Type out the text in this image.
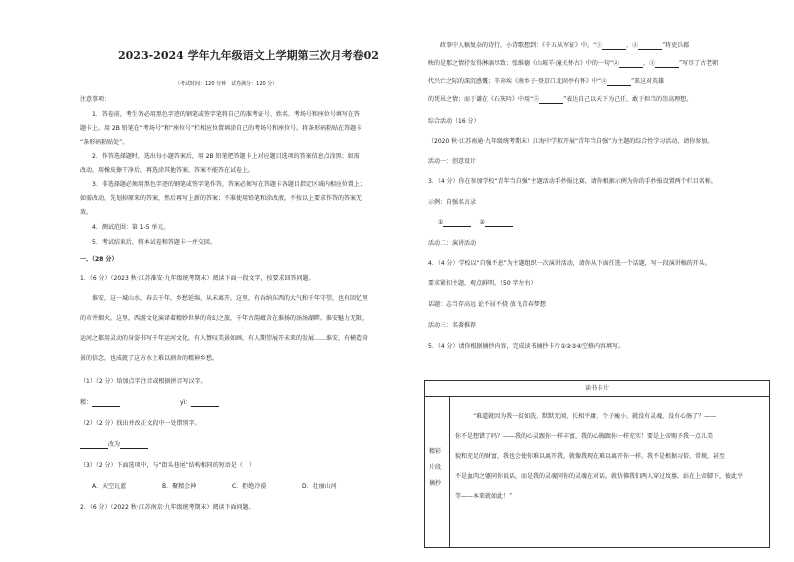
2023-2024 学年九年级语文上学期第三次月考卷02
（考试时间：120 分钟　试卷满分：120 分）
注意事项：
1．答卷前，考生务必用黑色字迹的钢笔或签字笔将自己的准考证号、姓名、考场号和座位号填写在答
题卡上。用 2B 铅笔在“考场号”和“座位号”栏相应位置填涂自己的考场号和座位号。将条形码粘贴在答题卡
“条形码粘贴处”。
2．作答选择题时，选出每小题答案后，用 2B 铅笔把答题卡上对应题目选项的答案信息点涂黑；如需
改动，用橡皮擦干净后，再选涂其他答案。答案不能答在试卷上。
3．非选择题必须用黑色字迹的钢笔或签字笔作答，答案必须写在答题卡各题目指定区域内相应位置上；
如需改动，先划掉原来的答案，然后再写上新的答案；不准使用铅笔和涂改液。不按以上要求作答的答案无
效。
4．测试范围：第 1-5 单元。
5．考试结束后，将本试卷和答题卡一并交回。
一、（28 分）
1．（6 分）（2023 秋·江苏淮安·九年级统考期末）阅读下面一段文字，按要求回答问题。
淮安，这一城山水，春去千年，乡愁延绵，从未离开。这里，有吞纳东西的大气和千年守望，也有回忆里
的市井烟火。这里，西游文化演译着精妙世界的奇幻之旅，千年古韵蕴含在淮扬的汤汤湖畔。淮安魅力无限，
运河之都用灵动的身姿书写千年运河文化，有人赞叹美景如画，有人期望展开未来的发展……淮安，有横造奇
景的信念，也成就了这方水土难以割舍的精神乡愁。
（1）（2 分）给加点字注音或根据拼音写汉字。
精：	yì：
（2）（2 分）找出并改正文段中一处错别字。
改为
（3）（2 分）下面选项中，与“街头巷尾”结构相同的短语是（　）
A．天空瓦蓝	B．聚精会神	C．拒绝冷漠	D．壮丽山河
2．（6 分）（2022 秋·江苏南京·九年级统考期末）阅读下面问题。
政事中人稿复杂的诗行，小诗歌想到：《千五从军征》中。“①	，②	”将吏兵郡
映的是那之情抒发得淋漓尽致；张维德《山坡羊·潼关怀古》中的一句“②	，③	”写尽了古老朝
代兴亡之际的深沉感慨；辛弃疾《南乡子·登京口北固亭有怀》中“④	”来这对英雄
的凭吊之情；而于谦在《石灰吟》中用“⑤	”表达自己以天下为己任、敢于担当的崇高理想。
综合活动（16 分）
（2020 秋·江苏南通·九年级统考期末）江海中学拟开展“青年当自强”为主题的综合性学习活动，请你参加。
活动一：创意设计
3．（4 分）你在参加学校“青年当自强”主题活动手抄报比赛，请你根据示例为你的手抄报设置两个栏目名称。
示例：自强名言录
①	②
活动二：演讲活动
4．（4 分）学校以“自强不息”为主题组织一次演讲活动，请你从下面任选一个话题，写一段演讲稿的开头。
要求紧扣主题，观点鲜明。（50 字左右）
话题：志当存高远 论不屈不挠 放飞青春梦想
活动三：名著推荐
5．（4 分）请你根据摘抄内容，完成读书摘抄卡片①②③④空格内容填写。
读书卡片
精彩
片段
摘抄
“难道就因为我一贫如洗、默默无闻、长相平庸、个子瘦小，就没有灵魂，没有心肠了？——
你不是想错了吗？——我的心灵跟你一样丰富，我的心胸跟你一样充实！要是上帝赐予我一点儿美
貌和充足的财富，我也会使你难以离开我，就像我现在难以离开你一样。我不是根据习俗、常规，甚至
不是血肉之躯同你说话，而是我的灵魂同你的灵魂在对话，就仿佛我们两人穿过坟墓，站在上帝脚下，彼此平
等——本来就如此！”
